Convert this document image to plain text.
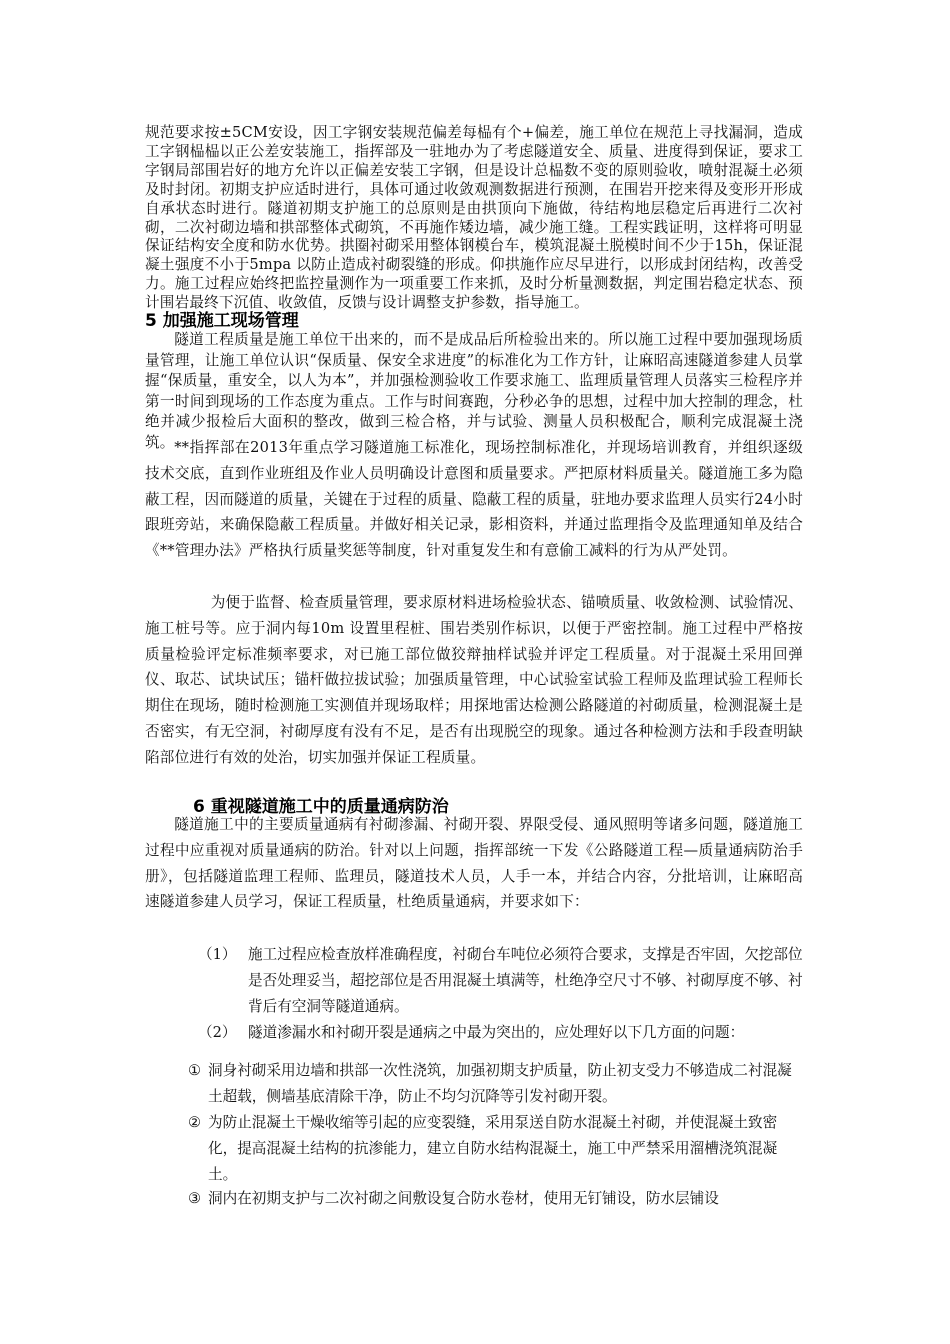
规范要求按±5CM安设，因工字钢安装规范偏差每榀有个+偏差，施工单位在规范上寻找漏洞，造成工字钢榀榀以正公差安装施工，指挥部及一驻地办为了考虑隧道安全、质量、进度得到保证，要求工字钢局部围岩好的地方允许以正偏差安装工字钢，但是设计总榀数不变的原则验收，喷射混凝土必须及时封闭。初期支护应适时进行，具体可通过收敛观测数据进行预测，在围岩开挖来得及变形开形成自承状态时进行。隧道初期支护施工的总原则是由拱顶向下施做，待结构地层稳定后再进行二次衬砌，二次衬砌边墙和拱部整体式砌筑，不再施作矮边墙，减少施工缝。工程实践证明，这样将可明显保证结构安全度和防水优势。拱圈衬砌采用整体钢模台车，模筑混凝土脱模时间不少于15h，保证混凝土强度不小于5mpa 以防止造成衬砌裂缝的形成。仰拱施作应尽早进行，以形成封闭结构，改善受力。施工过程应始终把监控量测作为一项重要工作来抓，及时分析量测数据，判定围岩稳定状态、预计围岩最终下沉值、收敛值，反馈与设计调整支护参数，指导施工。

5 加强施工现场管理

隧道工程质量是施工单位干出来的，而不是成品后所检验出来的。所以施工过程中要加强现场质量管理，让施工单位认识“保质量、保安全求进度”的标准化为工作方针，让麻昭高速隧道参建人员掌握“保质量，重安全，以人为本”，并加强检测验收工作要求施工、监理质量管理人员落实三检程序并第一时间到现场的工作态度为重点。工作与时间赛跑，分秒必争的思想，过程中加大控制的理念，杜绝并减少报检后大面积的整改，做到三检合格，并与试验、测量人员积极配合，顺利完成混凝土浇筑。 **指挥部在2013年重点学习隧道施工标准化，现场控制标准化，并现场培训教育，并组织逐级技术交底，直到作业班组及作业人员明确设计意图和质量要求。严把原材料质量关。隧道施工多为隐蔽工程，因而隧道的质量，关键在于过程的质量、隐蔽工程的质量，驻地办要求监理人员实行24小时跟班旁站，来确保隐蔽工程质量。并做好相关记录，影相资料，并通过监理指令及监理通知单及结合《**管理办法》严格执行质量奖惩等制度，针对重复发生和有意偷工减料的行为从严处罚。

为便于监督、检查质量管理，要求原材料进场检验状态、锚喷质量、收敛检测、试验情况、施工桩号等。应于洞内每10m 设置里程桩、围岩类别作标识，以便于严密控制。施工过程中严格按质量检验评定标准频率要求，对已施工部位做狡辩抽样试验并评定工程质量。对于混凝土采用回弹仪、取芯、试块试压；锚杆做拉拔试验；加强质量管理，中心试验室试验工程师及监理试验工程师长期住在现场，随时检测施工实测值并现场取样；用探地雷达检测公路隧道的衬砌质量，检测混凝土是否密实，有无空洞，衬砌厚度有没有不足，是否有出现脱空的现象。通过各种检测方法和手段查明缺陷部位进行有效的处治，切实加强并保证工程质量。

6 重视隧道施工中的质量通病防治

隧道施工中的主要质量通病有衬砌渗漏、衬砌开裂、界限受侵、通风照明等诸多问题，隧道施工过程中应重视对质量通病的防治。针对以上问题，指挥部统一下发《公路隧道工程—质量通病防治手册》，包括隧道监理工程师、监理员，隧道技术人员，人手一本，并结合内容，分批培训，让麻昭高速隧道参建人员学习，保证工程质量，杜绝质量通病，并要求如下：

（1） 施工过程应检查放样准确程度，衬砌台车吨位必须符合要求，支撑是否牢固，欠挖部位是否处理妥当，超挖部位是否用混凝土填满等，杜绝净空尺寸不够、衬砌厚度不够、衬背后有空洞等隧道通病。

（2） 隧道渗漏水和衬砌开裂是通病之中最为突出的，应处理好以下几方面的问题：

① 洞身衬砌采用边墙和拱部一次性浇筑，加强初期支护质量，防止初支受力不够造成二衬混凝土超载，侧墙基底清除干净，防止不均匀沉降等引发衬砌开裂。

② 为防止混凝土干燥收缩等引起的应变裂缝，采用泵送自防水混凝土衬砌，并使混凝土致密化，提高混凝土结构的抗渗能力，建立自防水结构混凝土，施工中严禁采用溜槽浇筑混凝土。

③ 洞内在初期支护与二次衬砌之间敷设复合防水卷材，使用无钉铺设，防水层铺设
